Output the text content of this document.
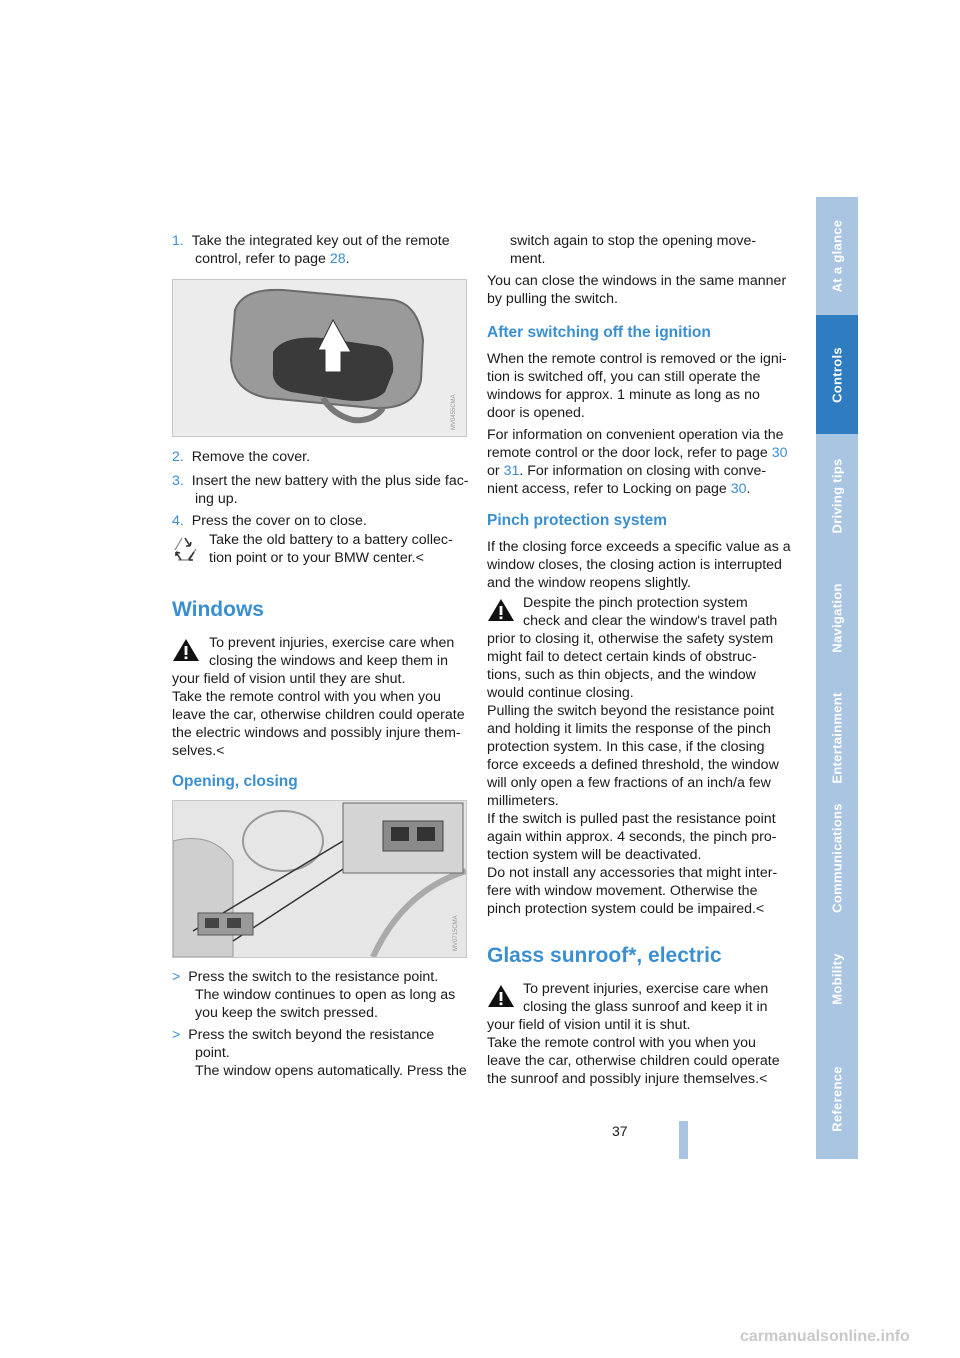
1. Take the integrated key out of the remote

control, refer to page 28.

MV0455CMA

2. Remove the cover.

3. Insert the new battery with the plus side fac-

ing up.

4. Press the cover on to close.

Take the old battery to a battery collec-

tion point or to your BMW center.<

Windows

To prevent injuries, exercise care when

closing the windows and keep them in

your field of vision until they are shut.

Take the remote control with you when you

leave the car, otherwise children could operate

the electric windows and possibly injure them-

selves.<

Opening, closing
MV0715CMA

> Press the switch to the resistance point.

The window continues to open as long as

you keep the switch pressed.

> Press the switch beyond the resistance

point.

The window opens automatically. Press the

switch again to stop the opening move-

ment.

You can close the windows in the same manner

by pulling the switch.

After switching off the ignition

When the remote control is removed or the igni-

tion is switched off, you can still operate the

windows for approx. 1 minute as long as no

door is opened.

For information on convenient operation via the

remote control or the door lock, refer to page 30

or 31. For information on closing with conve-

nient access, refer to Locking on page 30.

Pinch protection system

If the closing force exceeds a specific value as a

window closes, the closing action is interrupted

and the window reopens slightly.

Despite the pinch protection system

check and clear the window's travel path

prior to closing it, otherwise the safety system

might fail to detect certain kinds of obstruc-

tions, such as thin objects, and the window

would continue closing.

Pulling the switch beyond the resistance point

and holding it limits the response of the pinch

protection system. In this case, if the closing

force exceeds a defined threshold, the window

will only open a few fractions of an inch/a few

millimeters.

If the switch is pulled past the resistance point

again within approx. 4 seconds, the pinch pro-

tection system will be deactivated.

Do not install any accessories that might inter-

fere with window movement. Otherwise the

pinch protection system could be impaired.<

Glass sunroof*, electric

To prevent injuries, exercise care when

closing the glass sunroof and keep it in

your field of vision until it is shut.

Take the remote control with you when you

leave the car, otherwise children could operate

the sunroof and possibly injure themselves.<

At a glance
Controls
Driving tips
Navigation
Entertainment
Communications
Mobility
Reference
37
carmanualsonline.info
